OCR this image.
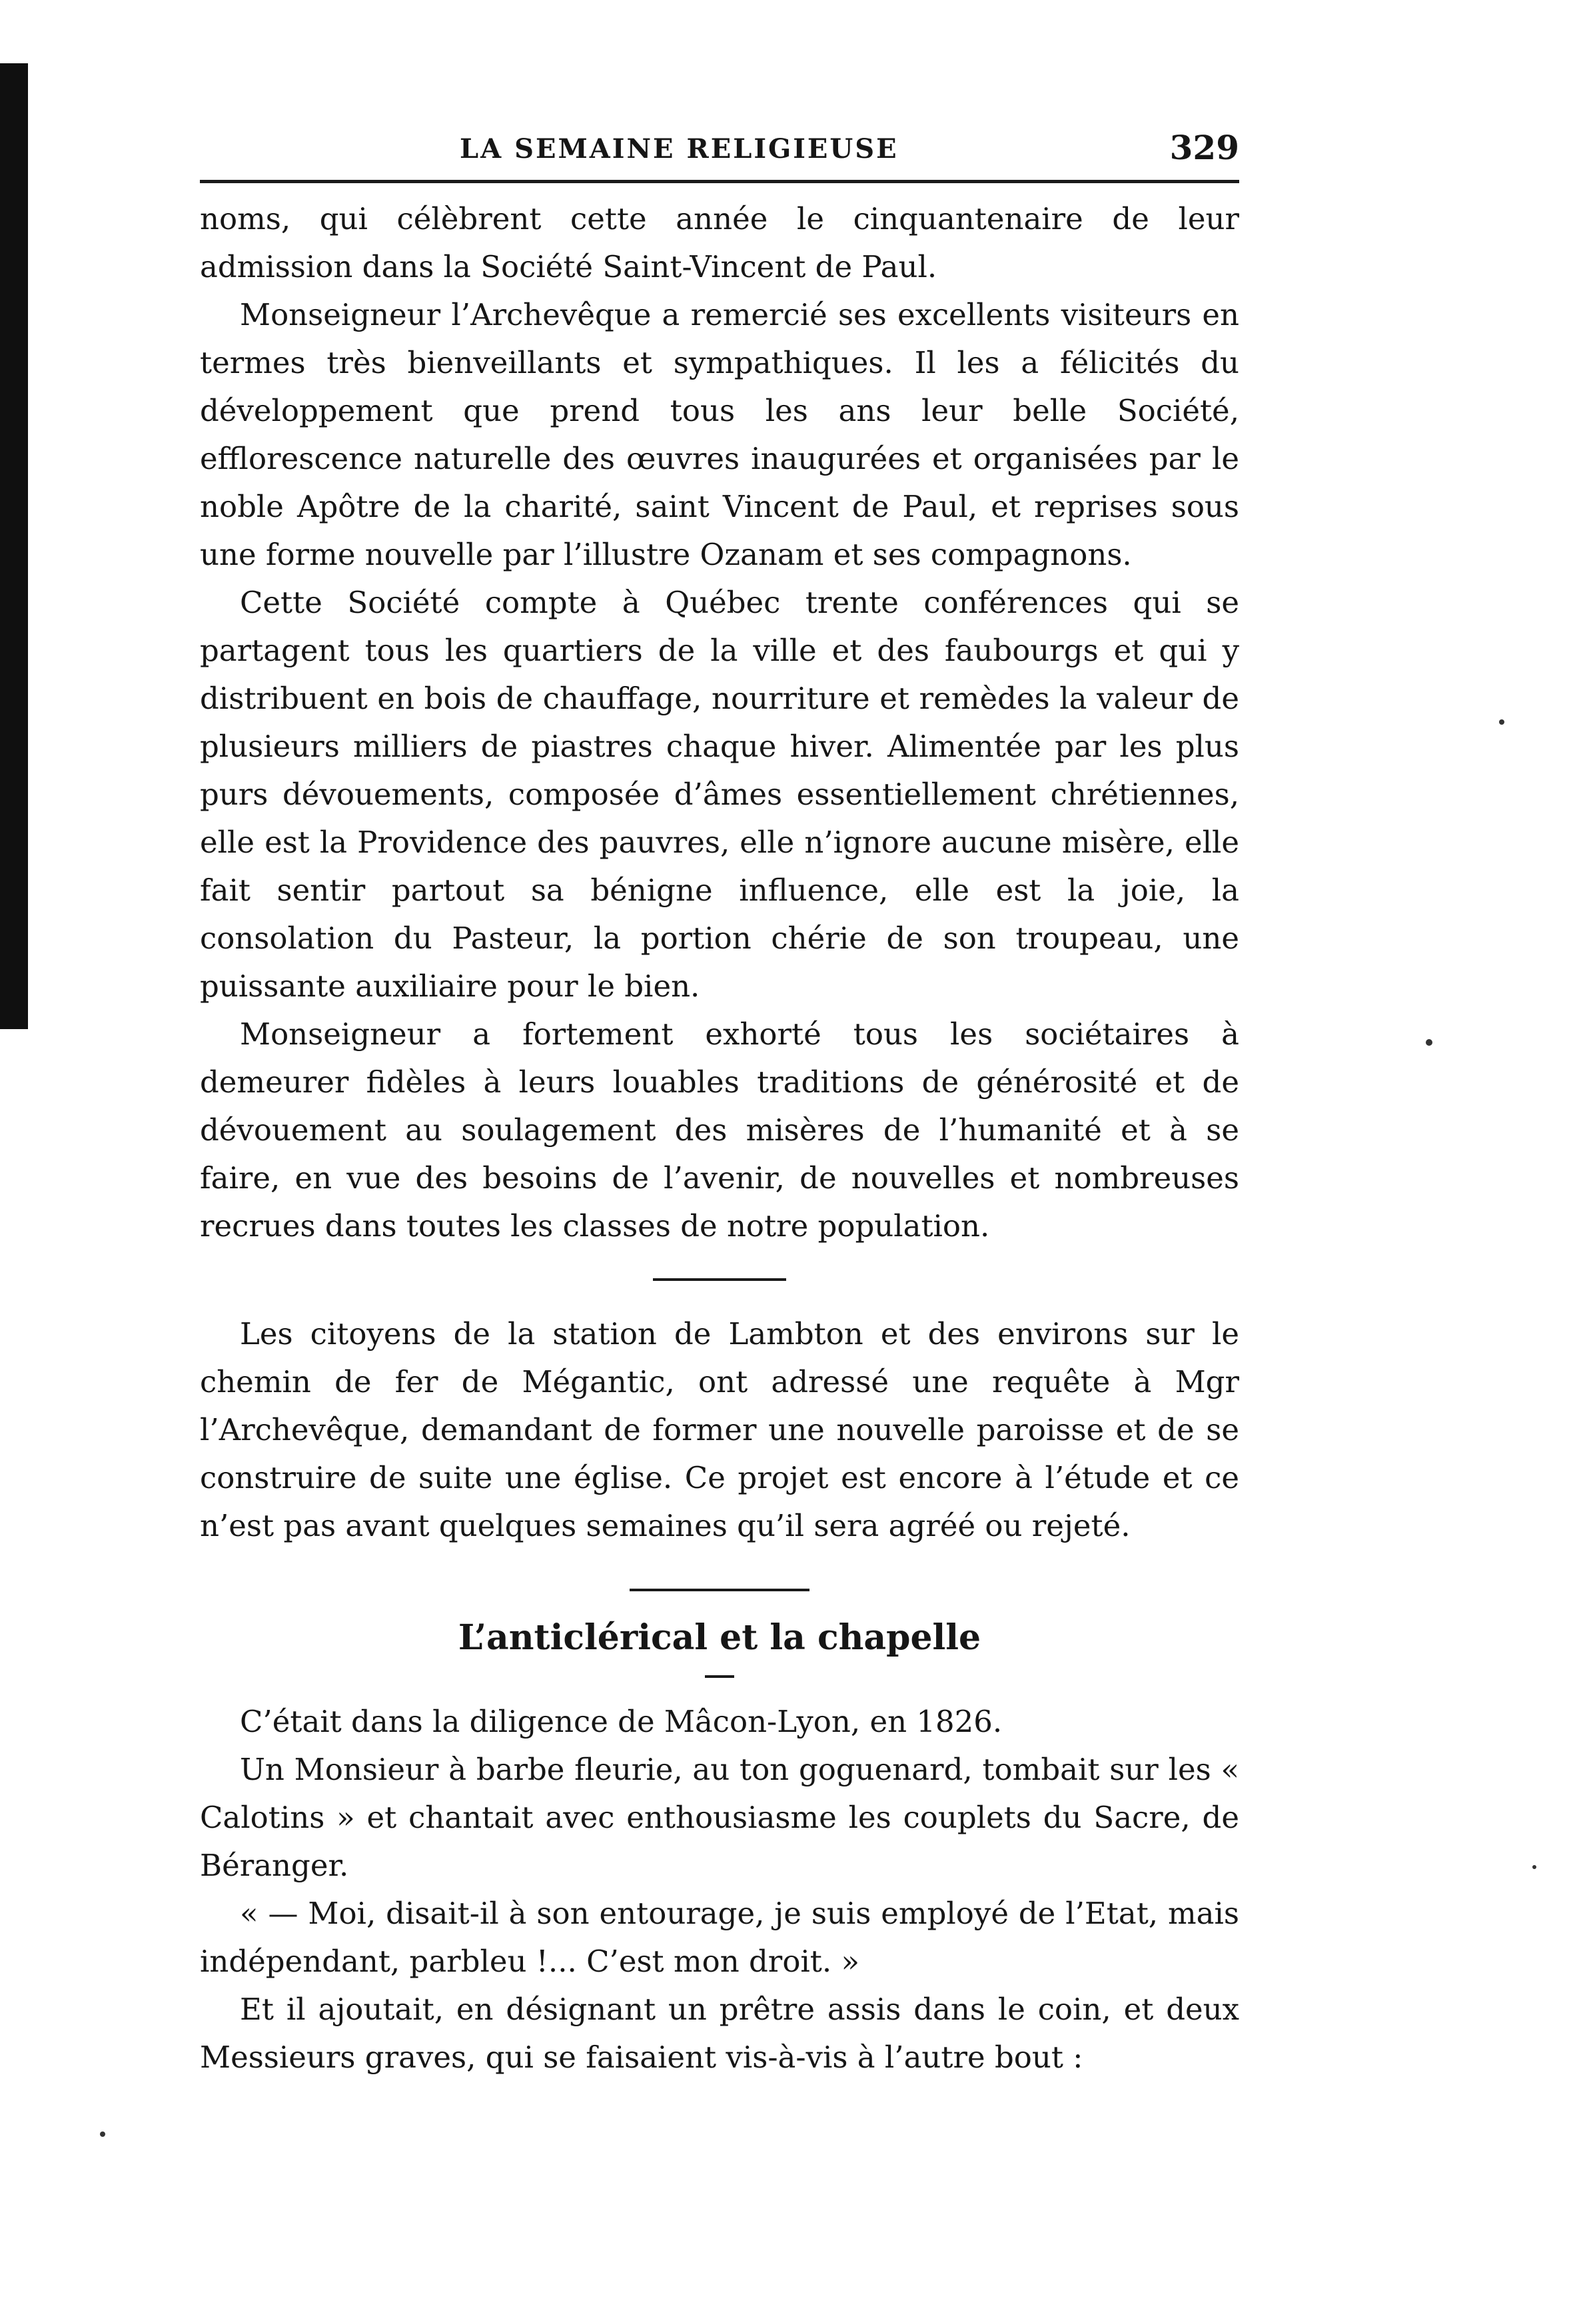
LA SEMAINE RELIGIEUSE	329

noms, qui célèbrent cette année le cinquantenaire de leur admission dans la Société Saint-Vincent de Paul.

Monseigneur l’Archevêque a remercié ses excellents visiteurs en termes très bienveillants et sympathiques. Il les a félicités du développement que prend tous les ans leur belle Société, efflorescence naturelle des œuvres inaugurées et organisées par le noble Apôtre de la charité, saint Vincent de Paul, et reprises sous une forme nouvelle par l’illustre Ozanam et ses compagnons.

Cette Société compte à Québec trente conférences qui se partagent tous les quartiers de la ville et des faubourgs et qui y distribuent en bois de chauffage, nourriture et remèdes la valeur de plusieurs milliers de piastres chaque hiver. Alimentée par les plus purs dévouements, composée d’âmes essentiellement chrétiennes, elle est la Providence des pauvres, elle n’ignore aucune misère, elle fait sentir partout sa bénigne influence, elle est la joie, la consolation du Pasteur, la portion chérie de son troupeau, une puissante auxiliaire pour le bien.

Monseigneur a fortement exhorté tous les sociétaires à demeurer fidèles à leurs louables traditions de générosité et de dévouement au soulagement des misères de l’humanité et à se faire, en vue des besoins de l’avenir, de nouvelles et nombreuses recrues dans toutes les classes de notre population.

Les citoyens de la station de Lambton et des environs sur le chemin de fer de Mégantic, ont adressé une requête à Mgr l’Archevêque, demandant de former une nouvelle paroisse et de se construire de suite une église. Ce projet est encore à l’étude et ce n’est pas avant quelques semaines qu’il sera agréé ou rejeté.

L’anticlérical et la chapelle

C’était dans la diligence de Mâcon-Lyon, en 1826.

Un Monsieur à barbe fleurie, au ton goguenard, tombait sur les « Calotins » et chantait avec enthousiasme les couplets du Sacre, de Béranger.

« — Moi, disait-il à son entourage, je suis employé de l’Etat, mais indépendant, parbleu !... C’est mon droit. »

Et il ajoutait, en désignant un prêtre assis dans le coin, et deux Messieurs graves, qui se faisaient vis-à-vis à l’autre bout :
